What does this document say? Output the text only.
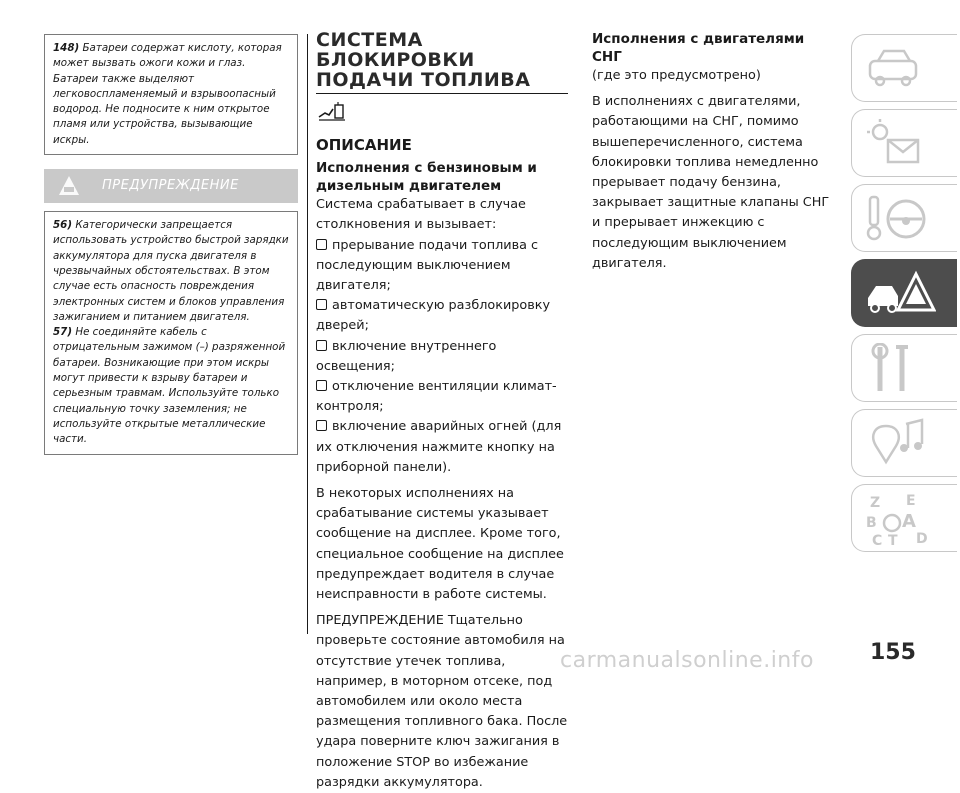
148) Батареи содержат кислоту, которая может вызвать ожоги кожи и глаз. Батареи также выделяют легковоспламеняемый и взрывоопасный водород. Не подносите к ним открытое пламя или устройства, вызывающие искры.
ПРЕДУПРЕЖДЕНИЕ
56) Категорически запрещается использовать устройство быстрой зарядки аккумулятора для пуска двигателя в чрезвычайных обстоятельствах. В этом случае есть опасность повреждения электронных систем и блоков управления зажиганием и питанием двигателя.
57) Не соединяйте кабель с отрицательным зажимом (–) разряженной батареи. Возникающие при этом искры могут привести к взрыву батареи и серьезным травмам. Используйте только специальную точку заземления; не используйте открытые металлические части.
СИСТЕМА БЛОКИРОВКИ
ПОДАЧИ ТОПЛИВА
ОПИСАНИЕ
Исполнения с бензиновым и дизельным двигателем

Система срабатывает в случае столкновения и вызывает:

прерывание подачи топлива с последующим выключением двигателя;
автоматическую разблокировку дверей;
включение внутреннего освещения;
отключение вентиляции климат-контроля;
включение аварийных огней (для их отключения нажмите кнопку на приборной панели).

В некоторых исполнениях на срабатывание системы указывает сообщение на дисплее. Кроме того, специальное сообщение на дисплее предупреждает водителя в случае неисправности в работе системы.

ПРЕДУПРЕЖДЕНИЕ Тщательно проверьте состояние автомобиля на отсутствие утечек топлива, например, в моторном отсеке, под автомобилем или около места размещения топливного бака. После удара поверните ключ зажигания в положение STOP во избежание разрядки аккумулятора.

Исполнения с двигателями СНГ

(где это предусмотрено)

В исполнениях с двигателями, работающими на СНГ, помимо вышеперечисленного, система блокировки топлива немедленно прерывает подачу бензина, закрывает защитные клапаны СНГ и прерывает инжекцию с последующим выключением двигателя.

Z E
B A
C T D
155
carmanualsonline.info
